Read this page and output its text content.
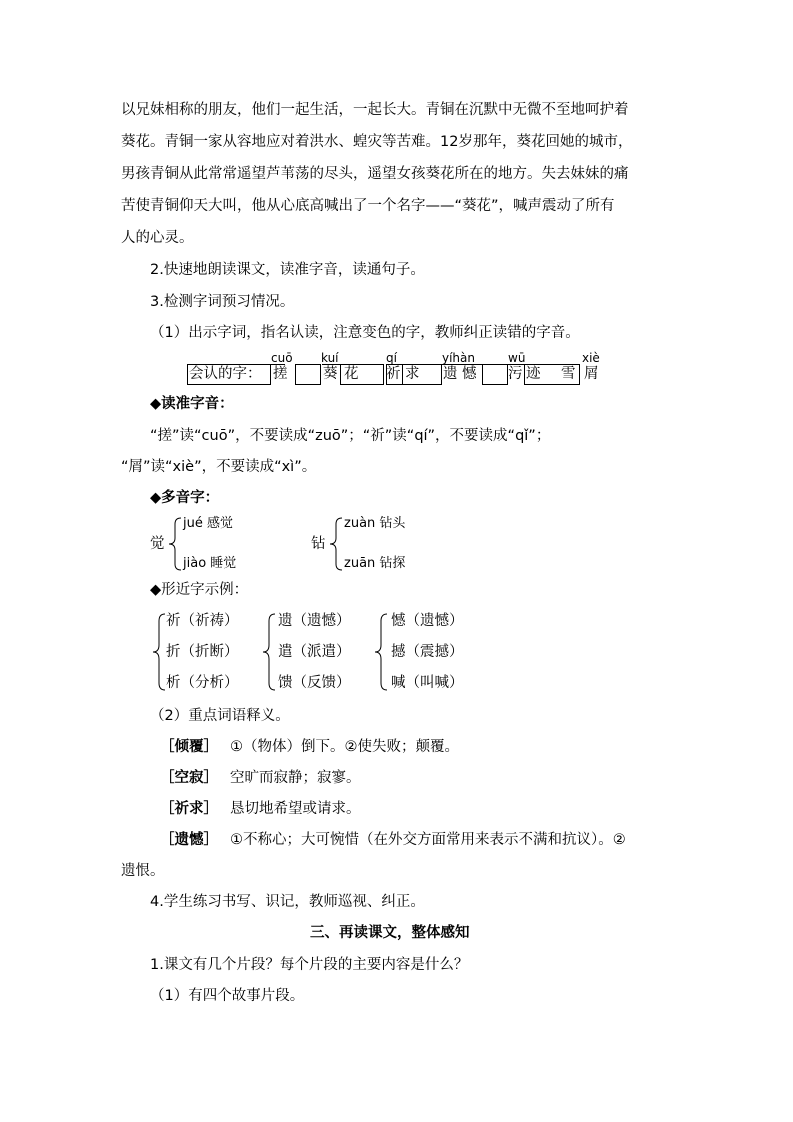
以兄妹相称的朋友，他们一起生活，一起长大。青铜在沉默中无微不至地呵护着
葵花。青铜一家从容地应对着洪水、蝗灾等苦难。12岁那年，葵花回她的城市，
男孩青铜从此常常遥望芦苇荡的尽头，遥望女孩葵花所在的地方。失去妹妹的痛
苦使青铜仰天大叫，他从心底高喊出了一个名字——“葵花”，喊声震动了所有
人的心灵。
2.快速地朗读课文，读准字音，读通句子。
3.检测字词预习情况。
（1）出示字词，指名认读，注意变色的字，教师纠正读错的字音。
cuō kuí	qí	yíhàn	wū	xiè
会认的字： 搓 葵 花 祈 求 遗 憾 污 迹 雪 屑
◆读准字音：
“搓”读“cuō”，不要读成“zuō”；“祈”读“qí”，不要读成“qǐ”；
“屑”读“xiè”，不要读成“xì”。
◆多音字：
觉
jué 感觉
jiào 睡觉
钻
zuàn 钻头
zuān 钻探
◆形近字示例：
祈（祈祷）
折（折断）
析（分析）
遗（遗憾）
遣（派遣）
馈（反馈）
憾（遗憾）
撼（震撼）
喊（叫喊）
（2）重点词语释义。
［倾覆］ ①（物体）倒下。②使失败；颠覆。
［空寂］ 空旷而寂静；寂寥。
［祈求］ 恳切地希望或请求。
［遗憾］ ①不称心；大可惋惜（在外交方面常用来表示不满和抗议）。②
遗恨。
4.学生练习书写、识记，教师巡视、纠正。
三、再读课文，整体感知
1.课文有几个片段？每个片段的主要内容是什么？
（1）有四个故事片段。
